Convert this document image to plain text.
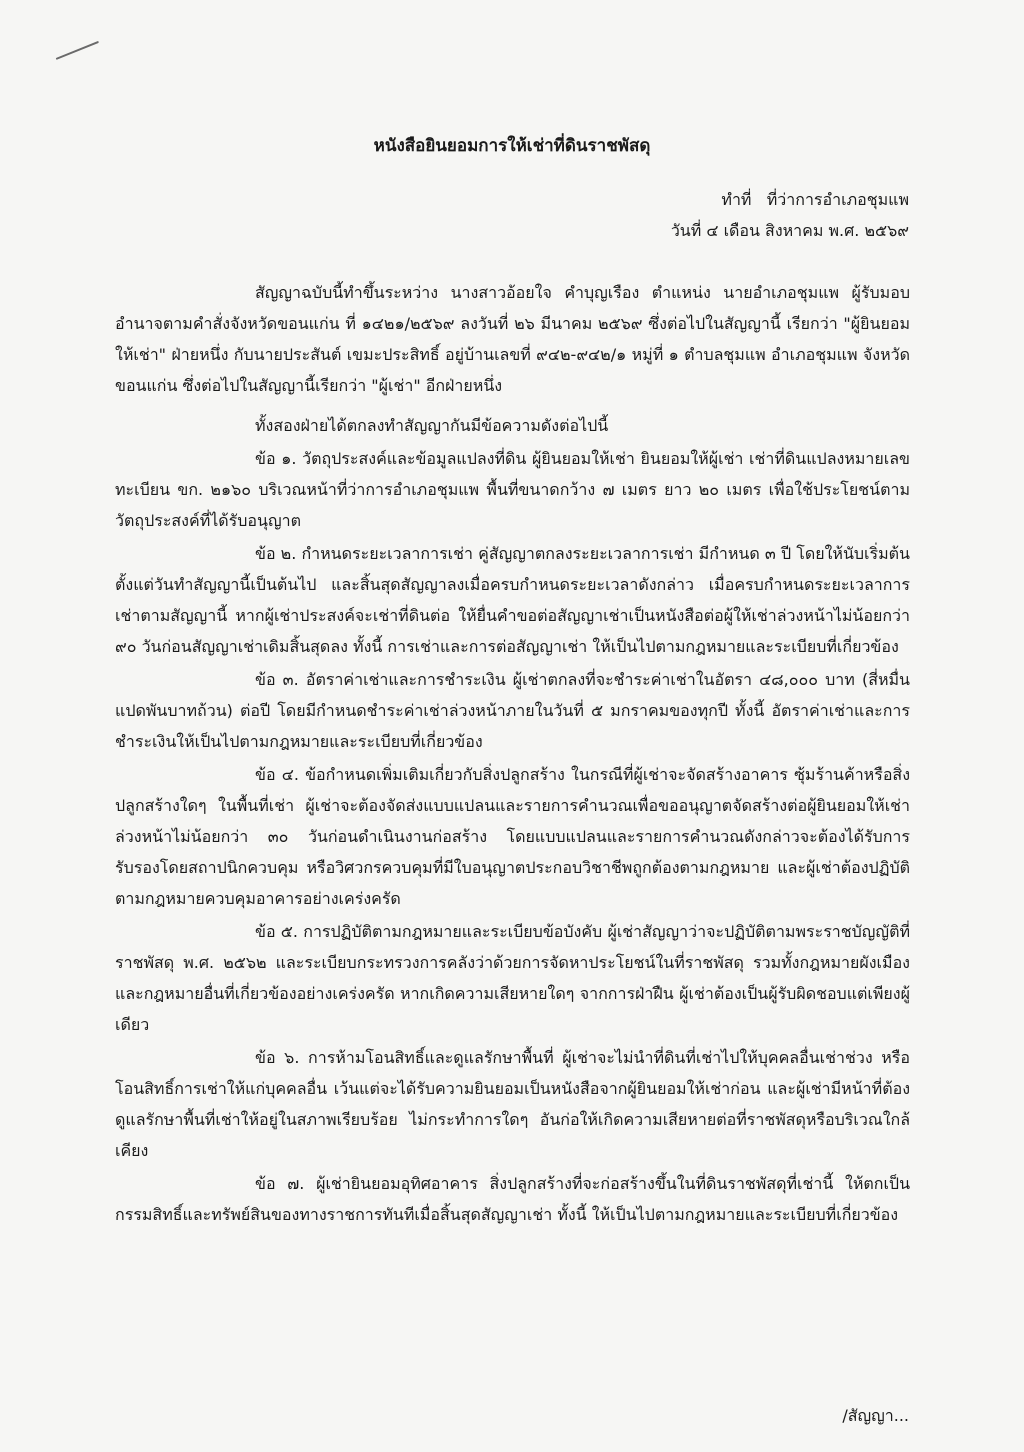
หนังสือยินยอมการให้เช่าที่ดินราชพัสดุ
ทำที่ ที่ว่าการอำเภอชุมแพ
วันที่ ๔ เดือน สิงหาคม พ.ศ. ๒๕๖๙

สัญญาฉบับนี้ทำขึ้นระหว่าง นางสาวอ้อยใจ คำบุญเรือง ตำแหน่ง นายอำเภอชุมแพ ผู้รับมอบอำนาจตามคำสั่งจังหวัดขอนแก่น ที่ ๑๔๒๑/๒๕๖๙ ลงวันที่ ๒๖ มีนาคม ๒๕๖๙ ซึ่งต่อไปในสัญญานี้ เรียกว่า "ผู้ยินยอมให้เช่า" ฝ่ายหนึ่ง กับนายประสันต์ เขมะประสิทธิ์ อยู่บ้านเลขที่ ๙๔๒-๙๔๒/๑ หมู่ที่ ๑ ตำบลชุมแพ อำเภอชุมแพ จังหวัดขอนแก่น ซึ่งต่อไปในสัญญานี้เรียกว่า "ผู้เช่า" อีกฝ่ายหนึ่ง

ทั้งสองฝ่ายได้ตกลงทำสัญญากันมีข้อความดังต่อไปนี้

ข้อ ๑. วัตถุประสงค์และข้อมูลแปลงที่ดิน ผู้ยินยอมให้เช่า ยินยอมให้ผู้เช่า เช่าที่ดินแปลงหมายเลขทะเบียน ขก. ๒๑๖๐ บริเวณหน้าที่ว่าการอำเภอชุมแพ พื้นที่ขนาดกว้าง ๗ เมตร ยาว ๒๐ เมตร เพื่อใช้ประโยชน์ตามวัตถุประสงค์ที่ได้รับอนุญาต

ข้อ ๒. กำหนดระยะเวลาการเช่า คู่สัญญาตกลงระยะเวลาการเช่า มีกำหนด ๓ ปี โดยให้นับเริ่มต้นตั้งแต่วันทำสัญญานี้เป็นต้นไป และสิ้นสุดสัญญาลงเมื่อครบกำหนดระยะเวลาดังกล่าว เมื่อครบกำหนดระยะเวลาการเช่าตามสัญญานี้ หากผู้เช่าประสงค์จะเช่าที่ดินต่อ ให้ยื่นคำขอต่อสัญญาเช่าเป็นหนังสือต่อผู้ให้เช่าล่วงหน้าไม่น้อยกว่า ๙๐ วันก่อนสัญญาเช่าเดิมสิ้นสุดลง ทั้งนี้ การเช่าและการต่อสัญญาเช่า ให้เป็นไปตามกฎหมายและระเบียบที่เกี่ยวข้อง

ข้อ ๓. อัตราค่าเช่าและการชำระเงิน ผู้เช่าตกลงที่จะชำระค่าเช่าในอัตรา ๔๘,๐๐๐ บาท (สี่หมื่นแปดพันบาทถ้วน) ต่อปี โดยมีกำหนดชำระค่าเช่าล่วงหน้าภายในวันที่ ๕ มกราคมของทุกปี ทั้งนี้ อัตราค่าเช่าและการชำระเงินให้เป็นไปตามกฎหมายและระเบียบที่เกี่ยวข้อง

ข้อ ๔. ข้อกำหนดเพิ่มเติมเกี่ยวกับสิ่งปลูกสร้าง ในกรณีที่ผู้เช่าจะจัดสร้างอาคาร ซุ้มร้านค้าหรือสิ่งปลูกสร้างใดๆ ในพื้นที่เช่า ผู้เช่าจะต้องจัดส่งแบบแปลนและรายการคำนวณเพื่อขออนุญาตจัดสร้างต่อผู้ยินยอมให้เช่า ล่วงหน้าไม่น้อยกว่า ๓๐ วันก่อนดำเนินงานก่อสร้าง โดยแบบแปลนและรายการคำนวณดังกล่าวจะต้องได้รับการรับรองโดยสถาปนิกควบคุม หรือวิศวกรควบคุมที่มีใบอนุญาตประกอบวิชาชีพถูกต้องตามกฎหมาย และผู้เช่าต้องปฏิบัติตามกฎหมายควบคุมอาคารอย่างเคร่งครัด

ข้อ ๕. การปฏิบัติตามกฎหมายและระเบียบข้อบังคับ ผู้เช่าสัญญาว่าจะปฏิบัติตามพระราชบัญญัติที่ราชพัสดุ พ.ศ. ๒๕๖๒ และระเบียบกระทรวงการคลังว่าด้วยการจัดหาประโยชน์ในที่ราชพัสดุ รวมทั้งกฎหมายผังเมือง และกฎหมายอื่นที่เกี่ยวข้องอย่างเคร่งครัด หากเกิดความเสียหายใดๆ จากการฝ่าฝืน ผู้เช่าต้องเป็นผู้รับผิดชอบแต่เพียงผู้เดียว

ข้อ ๖. การห้ามโอนสิทธิ์และดูแลรักษาพื้นที่ ผู้เช่าจะไม่นำที่ดินที่เช่าไปให้บุคคลอื่นเช่าช่วง หรือโอนสิทธิ์การเช่าให้แก่บุคคลอื่น เว้นแต่จะได้รับความยินยอมเป็นหนังสือจากผู้ยินยอมให้เช่าก่อน และผู้เช่ามีหน้าที่ต้องดูแลรักษาพื้นที่เช่าให้อยู่ในสภาพเรียบร้อย ไม่กระทำการใดๆ อันก่อให้เกิดความเสียหายต่อที่ราชพัสดุหรือบริเวณใกล้เคียง

ข้อ ๗. ผู้เช่ายินยอมอุทิศอาคาร สิ่งปลูกสร้างที่จะก่อสร้างขึ้นในที่ดินราชพัสดุที่เช่านี้ ให้ตกเป็นกรรมสิทธิ์และทรัพย์สินของทางราชการทันทีเมื่อสิ้นสุดสัญญาเช่า ทั้งนี้ ให้เป็นไปตามกฎหมายและระเบียบที่เกี่ยวข้อง

/สัญญา...
